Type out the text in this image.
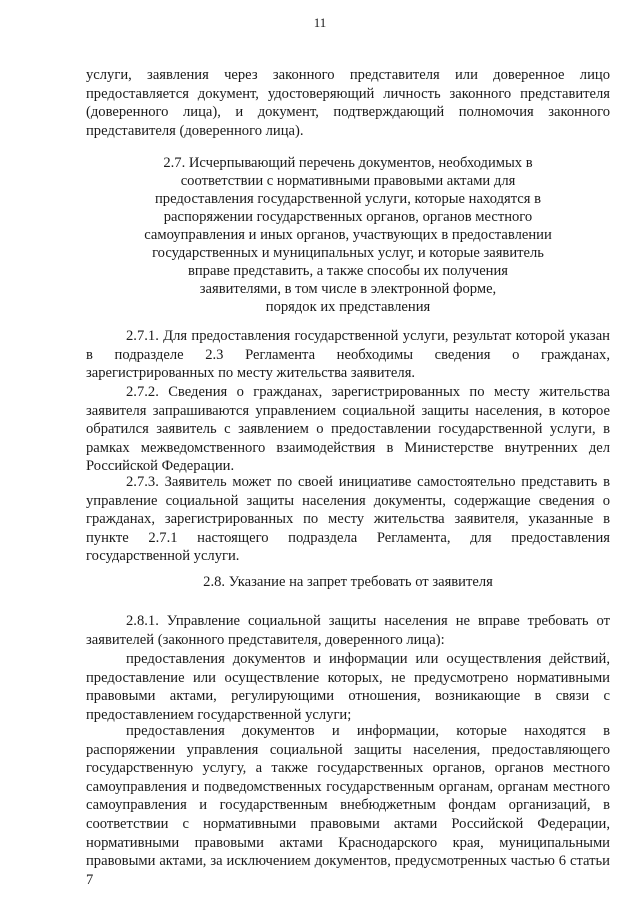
11

услуги, заявления через законного представителя или доверенное лицо предоставляется документ, удостоверяющий личность законного представителя (доверенного лица), и документ, подтверждающий полномочия законного представителя (доверенного лица).

2.7. Исчерпывающий перечень документов, необходимых в
соответствии с нормативными правовыми актами для
предоставления государственной услуги, которые находятся в
распоряжении государственных органов, органов местного
самоуправления и иных органов, участвующих в предоставлении
государственных и муниципальных услуг, и которые заявитель
вправе представить, а также способы их получения
заявителями, в том числе в электронной форме,
порядок их представления

2.7.1. Для предоставления государственной услуги, результат которой указан в подразделе 2.3 Регламента необходимы сведения о гражданах, зарегистрированных по месту жительства заявителя.

2.7.2. Сведения о гражданах, зарегистрированных по месту жительства заявителя запрашиваются управлением социальной защиты населения, в которое обратился заявитель с заявлением о предоставлении государственной услуги, в рамках межведомственного взаимодействия в Министерстве внутренних дел Российской Федерации.

2.7.3. Заявитель может по своей инициативе самостоятельно представить в управление социальной защиты населения документы, содержащие сведения о гражданах, зарегистрированных по месту жительства заявителя, указанные в пункте 2.7.1 настоящего подраздела Регламента, для предоставления государственной услуги.

2.8. Указание на запрет требовать от заявителя

2.8.1. Управление социальной защиты населения не вправе требовать от заявителей (законного представителя, доверенного лица):

предоставления документов и информации или осуществления действий, предоставление или осуществление которых, не предусмотрено нормативными правовыми актами, регулирующими отношения, возникающие в связи с предоставлением государственной услуги;

предоставления документов и информации, которые находятся в распоряжении управления социальной защиты населения, предоставляющего государственную услугу, а также государственных органов, органов местного самоуправления и подведомственных государственным органам, органам местного самоуправления и государственным внебюджетным фондам организаций, в соответствии с нормативными правовыми актами Российской Федерации, нормативными правовыми актами Краснодарского края, муниципальными правовыми актами, за исключением документов, предусмотренных частью 6 статьи 7
